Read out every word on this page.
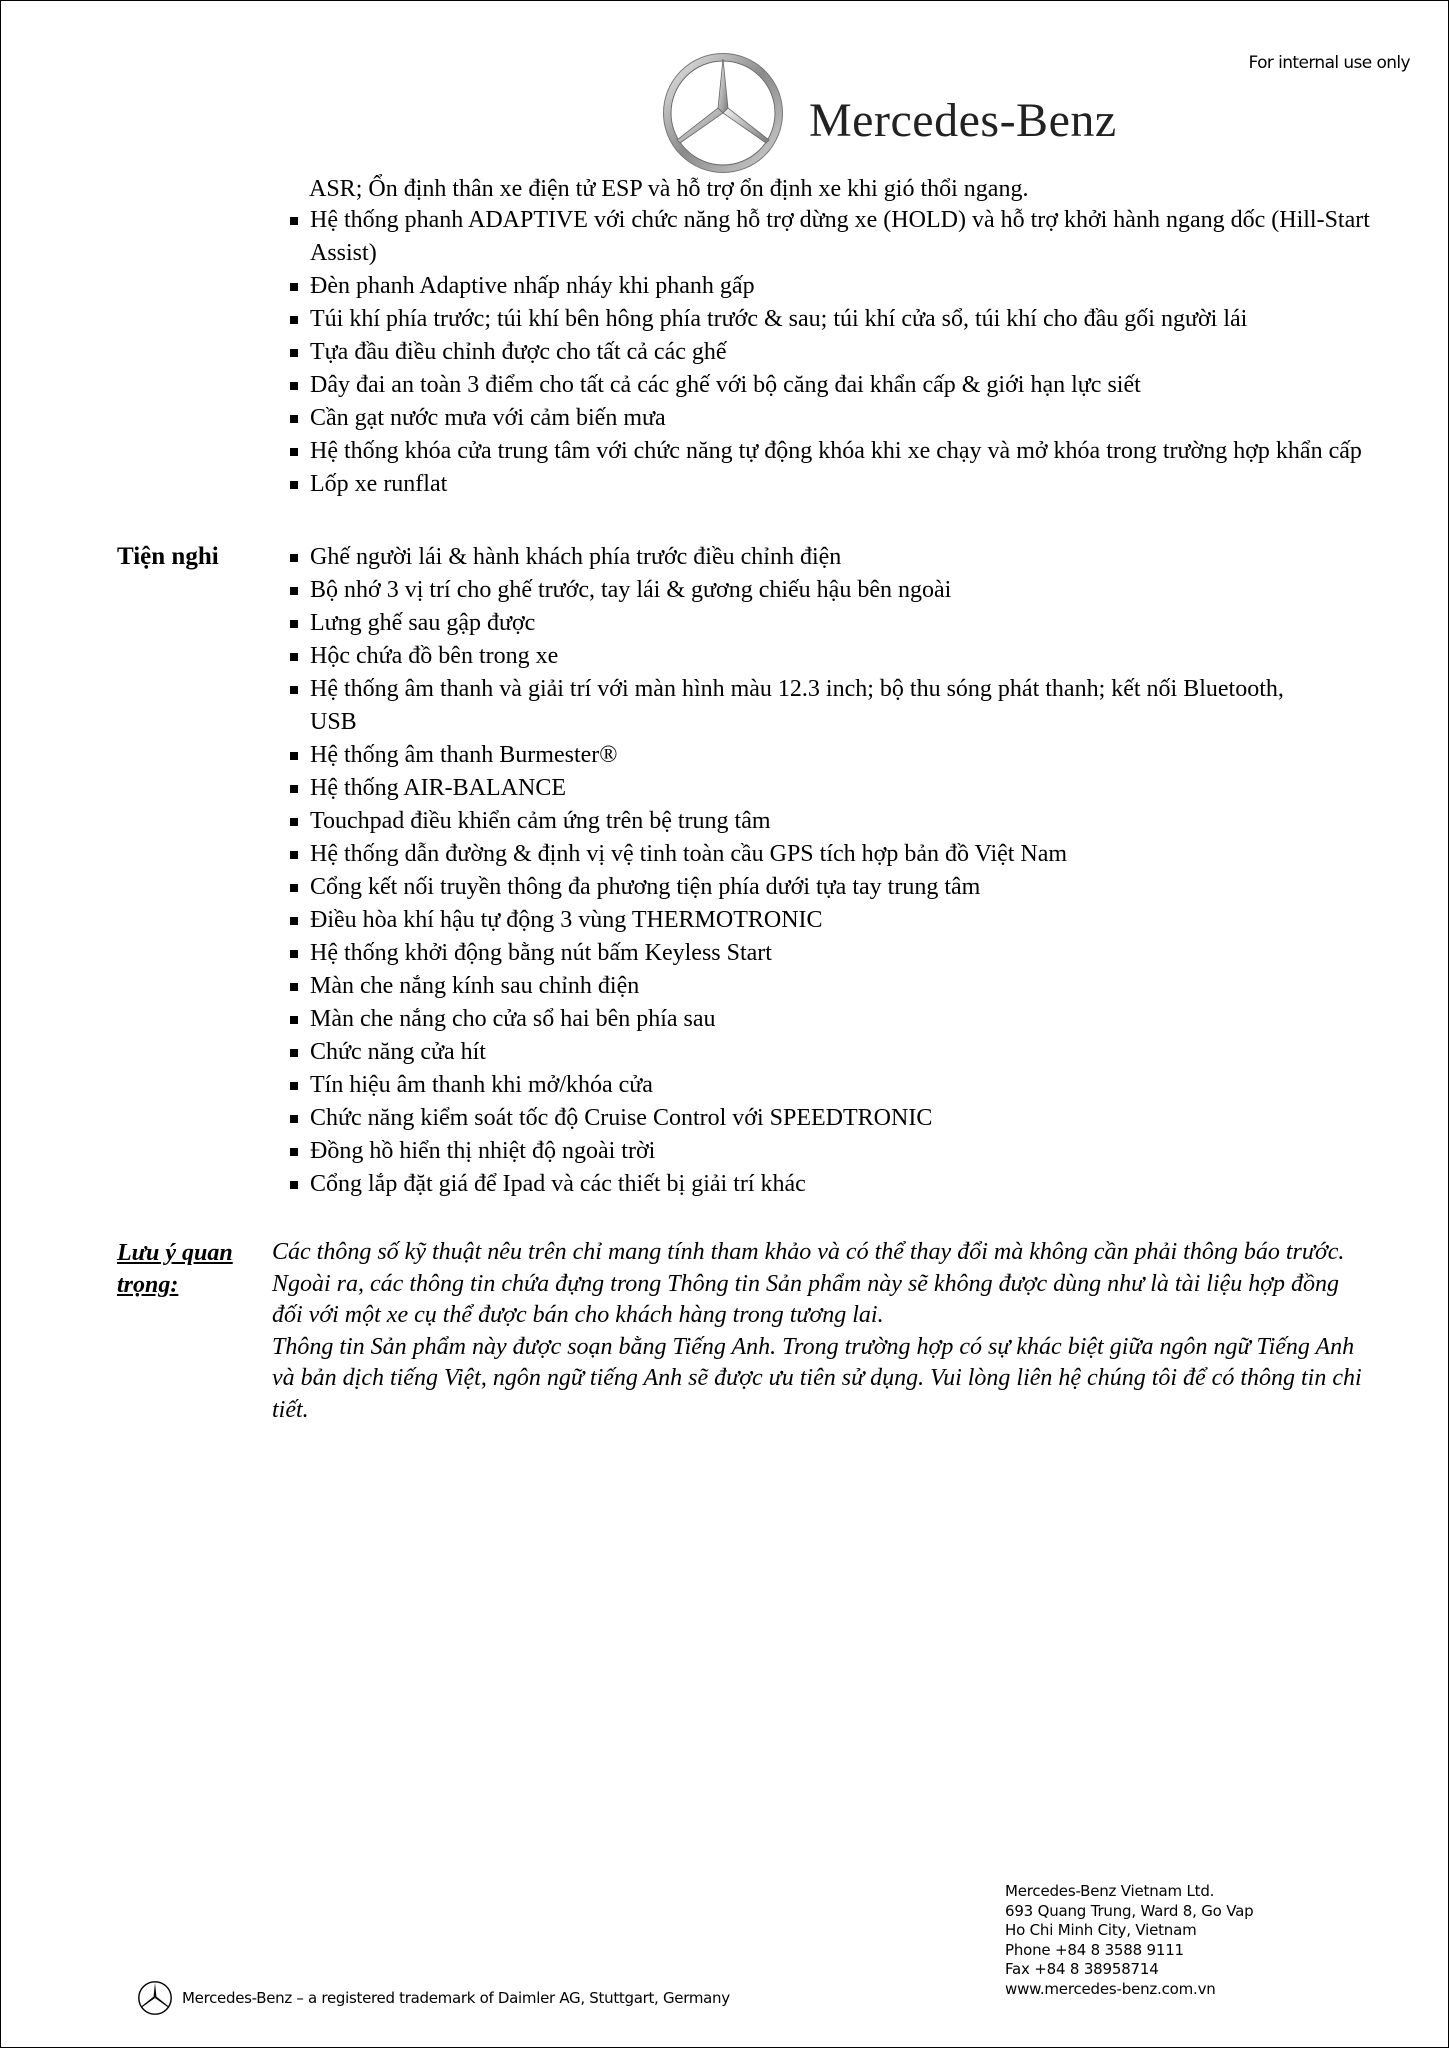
For internal use only
Mercedes-Benz
ASR; Ổn định thân xe điện tử ESP và hỗ trợ ổn định xe khi gió thổi ngang.
Hệ thống phanh ADAPTIVE với chức năng hỗ trợ dừng xe (HOLD) và hỗ trợ khởi hành ngang dốc (Hill-Start Assist)
Đèn phanh Adaptive nhấp nháy khi phanh gấp
Túi khí phía trước; túi khí bên hông phía trước & sau; túi khí cửa sổ, túi khí cho đầu gối người lái
Tựa đầu điều chỉnh được cho tất cả các ghế
Dây đai an toàn 3 điểm cho tất cả các ghế với bộ căng đai khẩn cấp & giới hạn lực siết
Cần gạt nước mưa với cảm biến mưa
Hệ thống khóa cửa trung tâm với chức năng tự động khóa khi xe chạy và mở khóa trong trường hợp khẩn cấp
Lốp xe runflat
Tiện nghi	Ghế người lái & hành khách phía trước điều chỉnh điện
Bộ nhớ 3 vị trí cho ghế trước, tay lái & gương chiếu hậu bên ngoài
Lưng ghế sau gập được
Hộc chứa đồ bên trong xe
Hệ thống âm thanh và giải trí với màn hình màu 12.3 inch; bộ thu sóng phát thanh; kết nối Bluetooth, USB
Hệ thống âm thanh Burmester®
Hệ thống AIR-BALANCE
Touchpad điều khiển cảm ứng trên bệ trung tâm
Hệ thống dẫn đường & định vị vệ tinh toàn cầu GPS tích hợp bản đồ Việt Nam
Cổng kết nối truyền thông đa phương tiện phía dưới tựa tay trung tâm
Điều hòa khí hậu tự động 3 vùng THERMOTRONIC
Hệ thống khởi động bằng nút bấm Keyless Start
Màn che nắng kính sau chỉnh điện
Màn che nắng cho cửa sổ hai bên phía sau
Chức năng cửa hít
Tín hiệu âm thanh khi mở/khóa cửa
Chức năng kiểm soát tốc độ Cruise Control với SPEEDTRONIC
Đồng hồ hiển thị nhiệt độ ngoài trời
Cổng lắp đặt giá để Ipad và các thiết bị giải trí khác
Lưu ý quan trọng:

Các thông số kỹ thuật nêu trên chỉ mang tính tham khảo và có thể thay đổi mà không cần phải thông báo trước. Ngoài ra, các thông tin chứa đựng trong Thông tin Sản phẩm này sẽ không được dùng như là tài liệu hợp đồng đối với một xe cụ thể được bán cho khách hàng trong tương lai.

Thông tin Sản phẩm này được soạn bằng Tiếng Anh. Trong trường hợp có sự khác biệt giữa ngôn ngữ Tiếng Anh và bản dịch tiếng Việt, ngôn ngữ tiếng Anh sẽ được ưu tiên sử dụng. Vui lòng liên hệ chúng tôi để có thông tin chi tiết.

Mercedes-Benz Vietnam Ltd.
693 Quang Trung, Ward 8, Go Vap
Ho Chi Minh City, Vietnam
Phone +84 8 3588 9111
Fax +84 8 38958714
www.mercedes-benz.com.vn
Mercedes-Benz – a registered trademark of Daimler AG, Stuttgart, Germany
